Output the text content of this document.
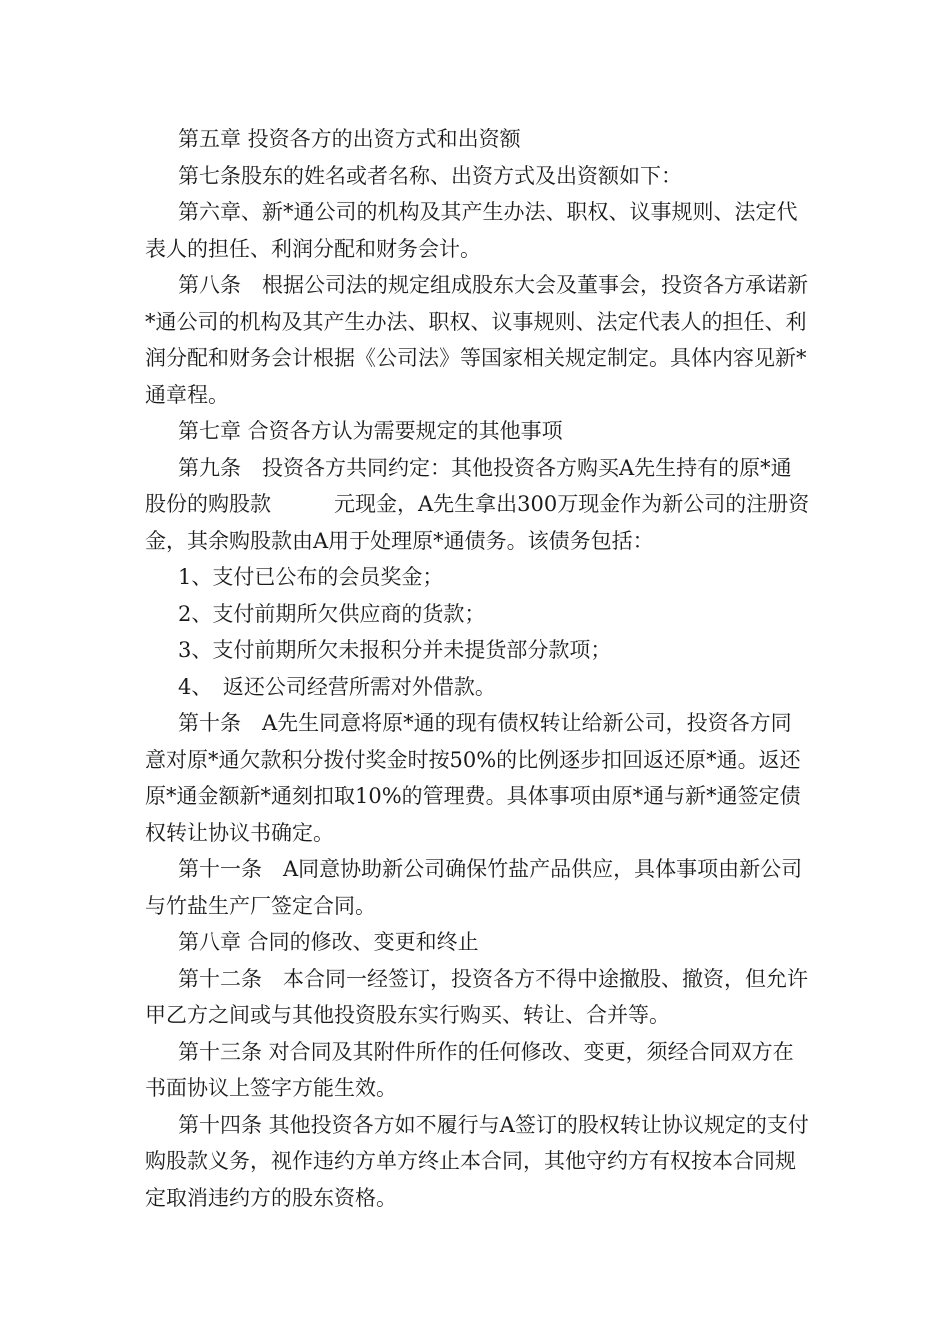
第五章 投资各方的出资方式和出资额

第七条股东的姓名或者名称、出资方式及出资额如下：

第六章、新*通公司的机构及其产生办法、职权、议事规则、法定代表人的担任、利润分配和财务会计。

第八条　根据公司法的规定组成股东大会及董事会，投资各方承诺新*通公司的机构及其产生办法、职权、议事规则、法定代表人的担任、利润分配和财务会计根据《公司法》等国家相关规定制定。具体内容见新*通章程。

第七章 合资各方认为需要规定的其他事项

第九条　投资各方共同约定：其他投资各方购买A先生持有的原*通股份的购股款　　　元现金，A先生拿出300万现金作为新公司的注册资金，其余购股款由A用于处理原*通债务。该债务包括：

1、支付已公布的会员奖金；

2、支付前期所欠供应商的货款；

3、支付前期所欠未报积分并未提货部分款项；

4、　返还公司经营所需对外借款。

第十条　A先生同意将原*通的现有债权转让给新公司，投资各方同意对原*通欠款积分拨付奖金时按50%的比例逐步扣回返还原*通。返还原*通金额新*通刻扣取10%的管理费。具体事项由原*通与新*通签定债权转让协议书确定。

第十一条　A同意协助新公司确保竹盐产品供应，具体事项由新公司与竹盐生产厂签定合同。

第八章 合同的修改、变更和终止

第十二条　本合同一经签订，投资各方不得中途撤股、撤资，但允许甲乙方之间或与其他投资股东实行购买、转让、合并等。

第十三条 对合同及其附件所作的任何修改、变更，须经合同双方在书面协议上签字方能生效。

第十四条 其他投资各方如不履行与A签订的股权转让协议规定的支付购股款义务，视作违约方单方终止本合同，其他守约方有权按本合同规定取消违约方的股东资格。
